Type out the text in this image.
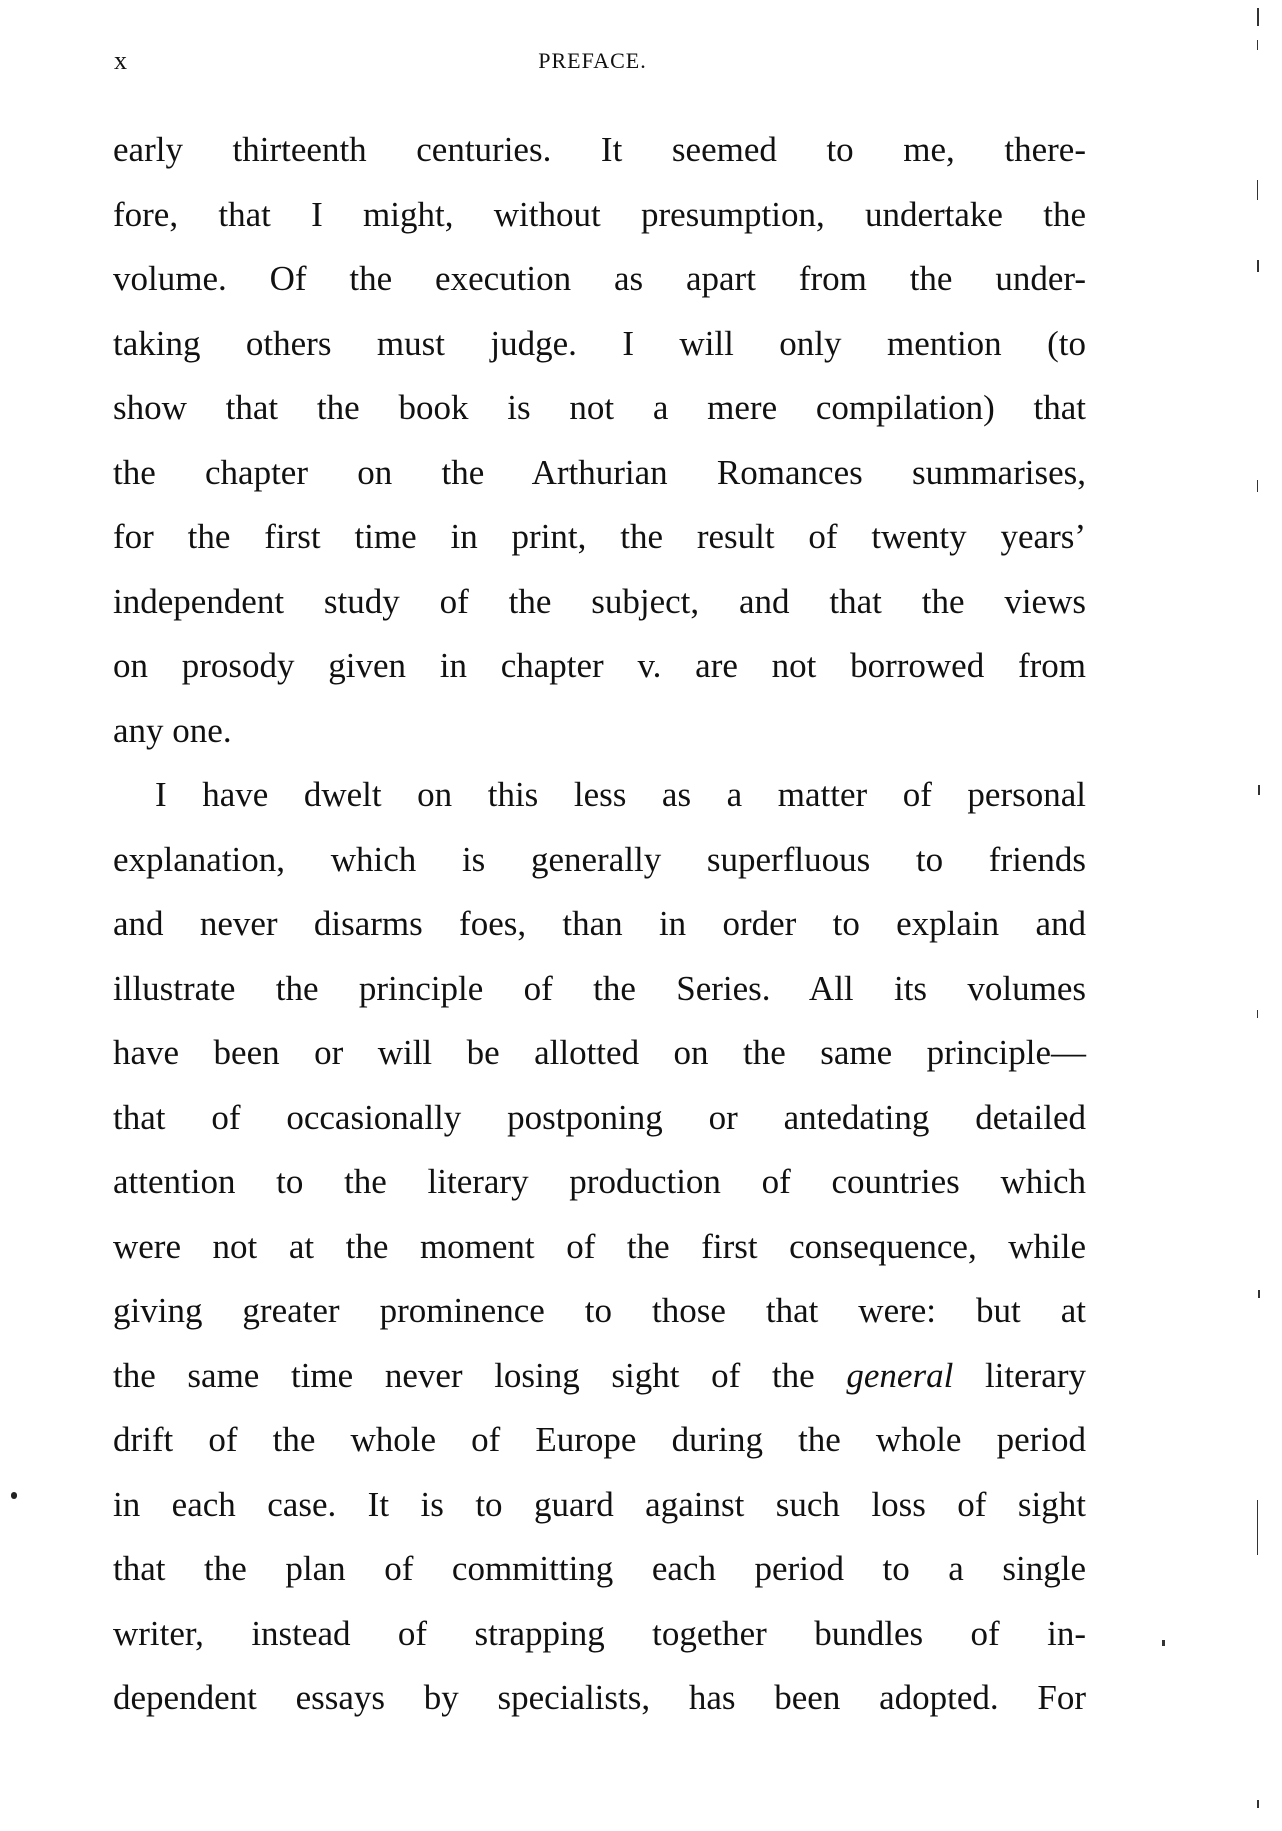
x	PREFACE.
early thirteenth centuries. It seemed to me, there-
fore, that I might, without presumption, undertake the
volume. Of the execution as apart from the under-
taking others must judge. I will only mention (to
show that the book is not a mere compilation) that
the chapter on the Arthurian Romances summarises,
for the first time in print, the result of twenty years’
independent study of the subject, and that the views
on prosody given in chapter v. are not borrowed from
any one.
I have dwelt on this less as a matter of personal
explanation, which is generally superfluous to friends
and never disarms foes, than in order to explain and
illustrate the principle of the Series. All its volumes
have been or will be allotted on the same principle—
that of occasionally postponing or antedating detailed
attention to the literary production of countries which
were not at the moment of the first consequence, while
giving greater prominence to those that were: but at
the same time never losing sight of the general literary
drift of the whole of Europe during the whole period
in each case. It is to guard against such loss of sight
that the plan of committing each period to a single
writer, instead of strapping together bundles of in-
dependent essays by specialists, has been adopted. For
